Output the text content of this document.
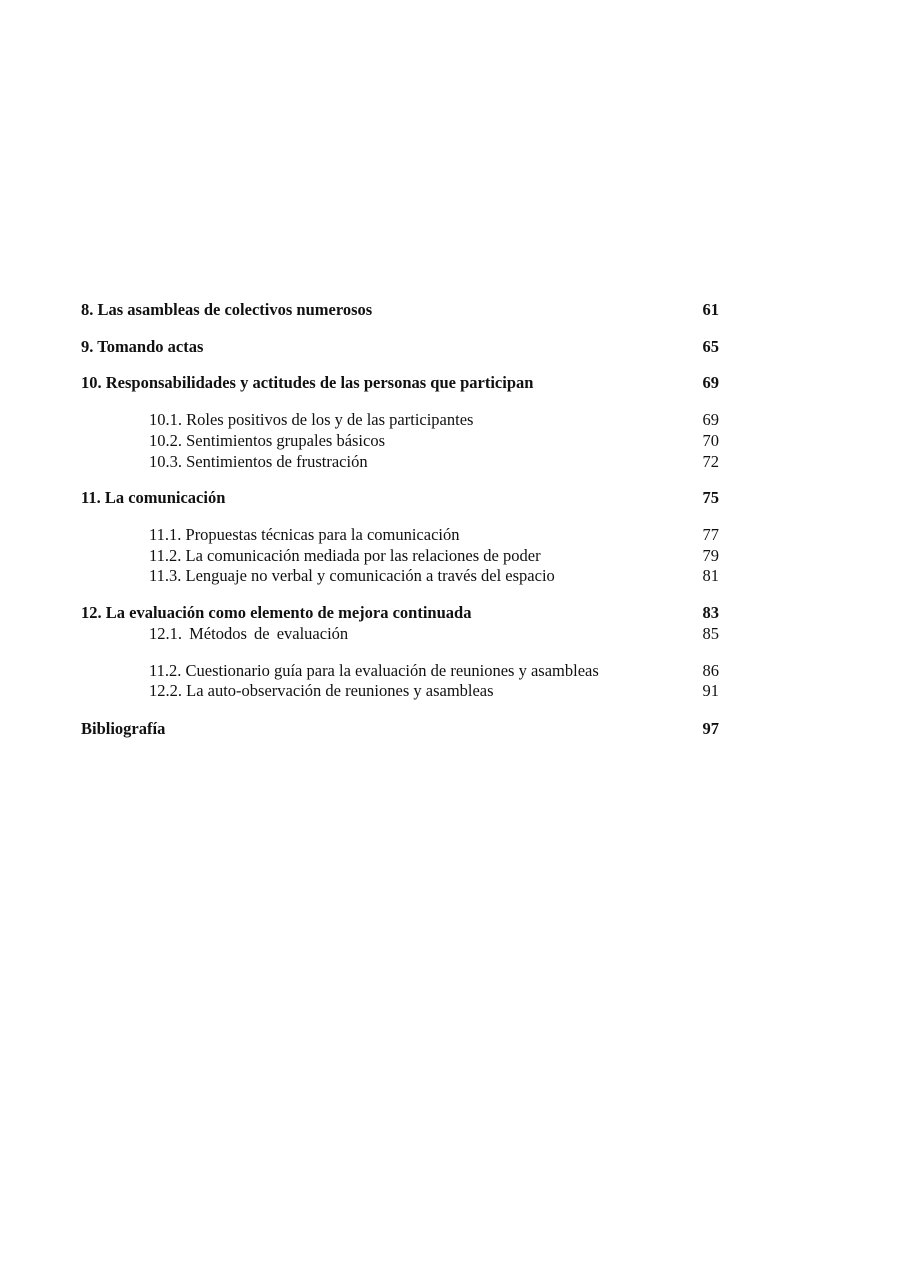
8. Las asambleas de colectivos numerosos	61
9. Tomando actas	65
10. Responsabilidades y actitudes de las personas que participan	69
10.1. Roles positivos de los y de las participantes	69
10.2. Sentimientos grupales básicos	70
10.3. Sentimientos de frustración	72
11. La comunicación	75
11.1. Propuestas técnicas para la comunicación	77
11.2. La comunicación mediada por las relaciones de poder	79
11.3. Lenguaje no verbal y comunicación a través del espacio	81
12. La evaluación como elemento de mejora continuada	83
12.1. Métodos de evaluación	85
11.2. Cuestionario guía para la evaluación de reuniones y asambleas	86
12.2. La auto-observación de reuniones y asambleas	91
Bibliografía	97
